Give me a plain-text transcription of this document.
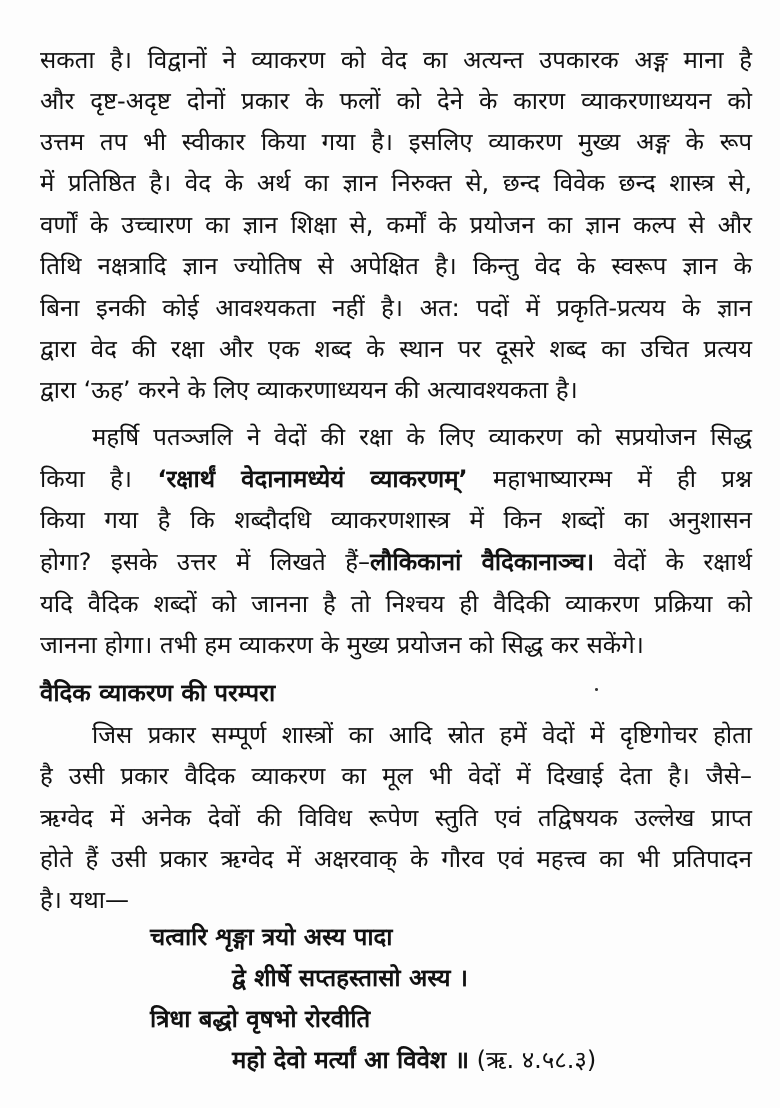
सकता है। विद्वानों ने व्याकरण को वेद का अत्यन्त उपकारक अङ्ग माना है
और दृष्ट-अदृष्ट दोनों प्रकार के फलों को देने के कारण व्याकरणाध्ययन को
उत्तम तप भी स्वीकार किया गया है। इसलिए व्याकरण मुख्य अङ्ग के रूप
में प्रतिष्ठित है। वेद के अर्थ का ज्ञान निरुक्त से, छन्द विवेक छन्द शास्त्र से,
वर्णों के उच्चारण का ज्ञान शिक्षा से, कर्मों के प्रयोजन का ज्ञान कल्प से और
तिथि नक्षत्रादि ज्ञान ज्योतिष से अपेक्षित है। किन्तु वेद के स्वरूप ज्ञान के
बिना इनकी कोई आवश्यकता नहीं है। अत: पदों में प्रकृति-प्रत्यय के ज्ञान
द्वारा वेद की रक्षा और एक शब्द के स्थान पर दूसरे शब्द का उचित प्रत्यय
द्वारा ‘ऊह’ करने के लिए व्याकरणाध्ययन की अत्यावश्यकता है।
महर्षि पतञ्जलि ने वेदों की रक्षा के लिए व्याकरण को सप्रयोजन सिद्ध
किया है। ‘रक्षार्थं वेदानामध्येयं व्याकरणम्’ महाभाष्यारम्भ में ही प्रश्न
किया गया है कि शब्दौदधि व्याकरणशास्त्र में किन शब्दों का अनुशासन
होगा? इसके उत्तर में लिखते हैं–लौकिकानां वैदिकानाञ्च। वेदों के रक्षार्थ
यदि वैदिक शब्दों को जानना है तो निश्चय ही वैदिकी व्याकरण प्रक्रिया को
जानना होगा। तभी हम व्याकरण के मुख्य प्रयोजन को सिद्ध कर सकेंगे।
वैदिक व्याकरण की परम्परा
जिस प्रकार सम्पूर्ण शास्त्रों का आदि स्रोत हमें वेदों में दृष्टिगोचर होता
है उसी प्रकार वैदिक व्याकरण का मूल भी वेदों में दिखाई देता है। जैसे–
ऋग्वेद में अनेक देवों की विविध रूपेण स्तुति एवं तद्विषयक उल्लेख प्राप्त
होते हैं उसी प्रकार ऋग्वेद में अक्षरवाक् के गौरव एवं महत्त्व का भी प्रतिपादन
है। यथा—
चत्वारि शृङ्गा त्रयो अस्य पादा
द्वे शीर्षे सप्तहस्तासो अस्य ।
त्रिधा बद्धो वृषभो रोरवीति
महो देवो मर्त्यां आ विवेश ॥ (ऋ. ४.५८.३)
